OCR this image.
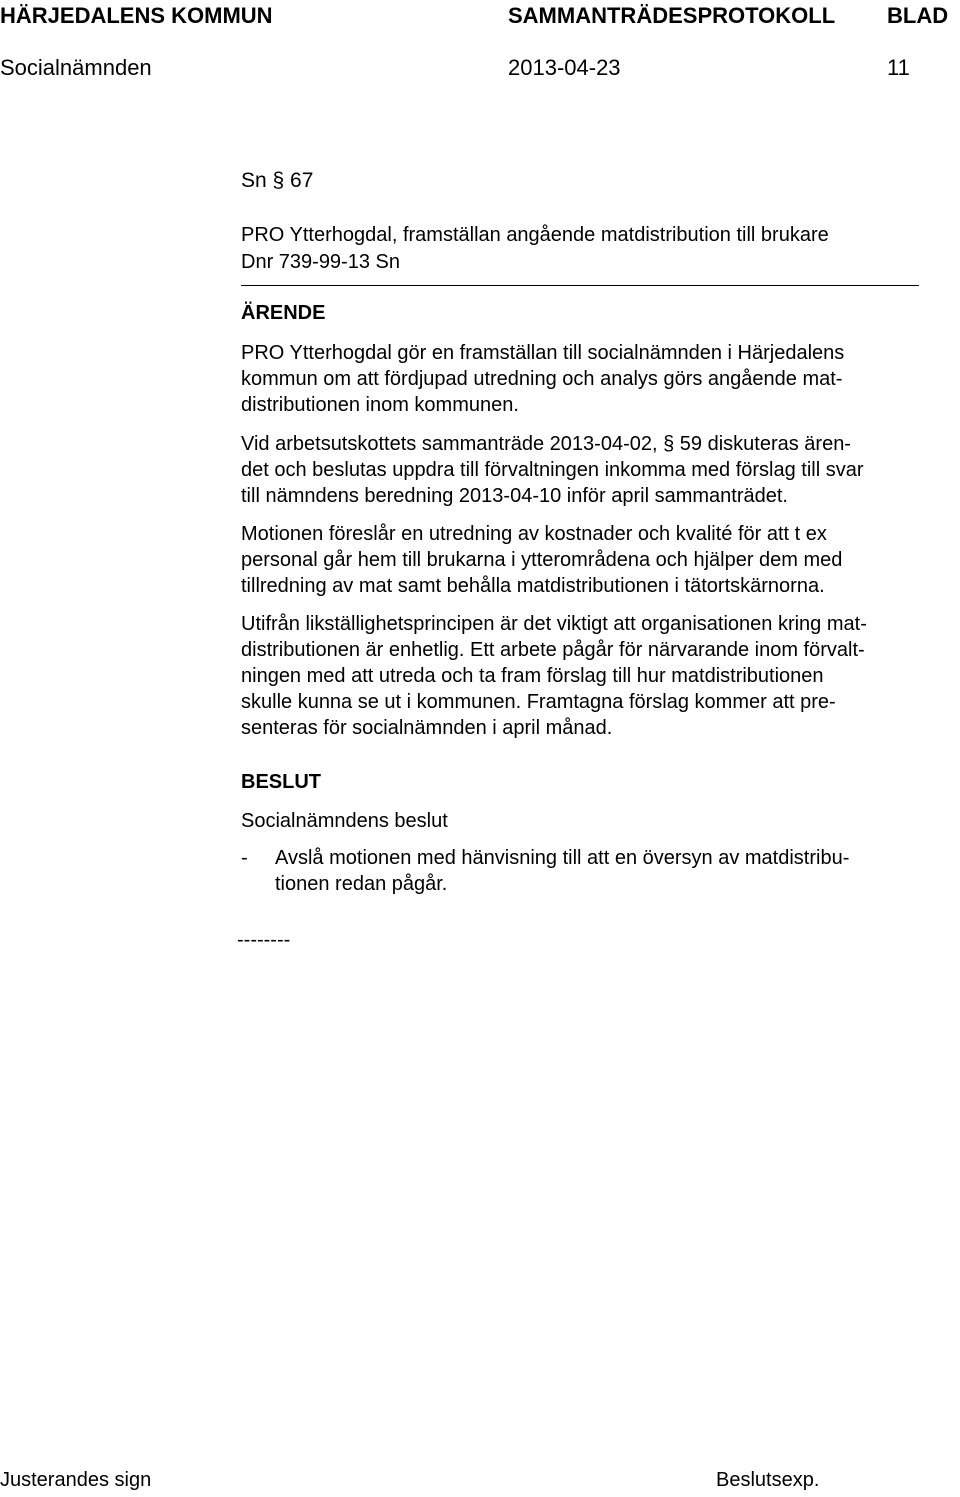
HÄRJEDALENS KOMMUN	SAMMANTRÄDESPROTOKOLL BLAD
Socialnämnden	2013-04-23	11
Sn § 67
PRO Ytterhogdal, framställan angående matdistribution till brukare
Dnr 739-99-13 Sn
ÄRENDE
PRO Ytterhogdal gör en framställan till socialnämnden i Härjedalens
kommun om att fördjupad utredning och analys görs angående mat-
distributionen inom kommunen.
Vid arbetsutskottets sammanträde 2013-04-02, § 59 diskuteras ären-
det och beslutas uppdra till förvaltningen inkomma med förslag till svar
till nämndens beredning 2013-04-10 inför april sammanträdet.
Motionen föreslår en utredning av kostnader och kvalité för att t ex
personal går hem till brukarna i ytterområdena och hjälper dem med
tillredning av mat samt behålla matdistributionen i tätortskärnorna.
Utifrån likställighetsprincipen är det viktigt att organisationen kring mat-
distributionen är enhetlig. Ett arbete pågår för närvarande inom förvalt-
ningen med att utreda och ta fram förslag till hur matdistributionen
skulle kunna se ut i kommunen. Framtagna förslag kommer att pre-
senteras för socialnämnden i april månad.
BESLUT
Socialnämndens beslut
- Avslå motionen med hänvisning till att en översyn av matdistribu-
tionen redan pågår.
--------
Justerandes sign	Beslutsexp.
